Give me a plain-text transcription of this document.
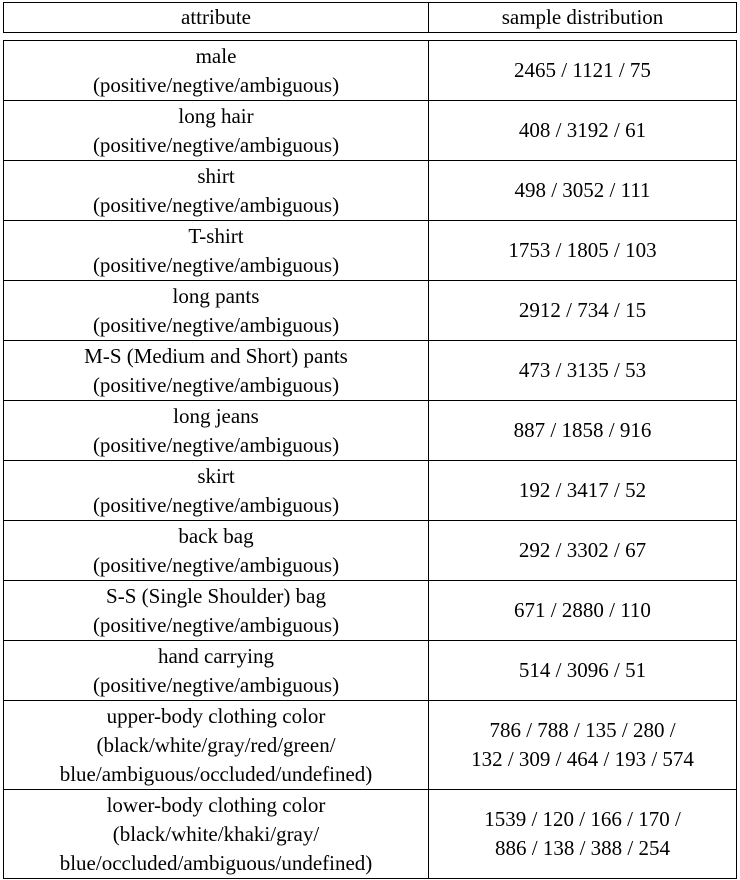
attribute	sample distribution
male
(positive/negtive/ambiguous)	2465 / 1121 / 75

long hair
(positive/negtive/ambiguous)	408 / 3192 / 61

shirt
(positive/negtive/ambiguous)	498 / 3052 / 111

T-shirt
(positive/negtive/ambiguous)	1753 / 1805 / 103

long pants
(positive/negtive/ambiguous)	2912 / 734 / 15

M-S (Medium and Short) pants
(positive/negtive/ambiguous)	473 / 3135 / 53

long jeans
(positive/negtive/ambiguous)	887 / 1858 / 916

skirt
(positive/negtive/ambiguous)	192 / 3417 / 52

back bag
(positive/negtive/ambiguous)	292 / 3302 / 67

S-S (Single Shoulder) bag
(positive/negtive/ambiguous)	671 / 2880 / 110

hand carrying
(positive/negtive/ambiguous)	514 / 3096 / 51

upper-body clothing color
(black/white/gray/red/green/
blue/ambiguous/occluded/undefined)	786 / 788 / 135 / 280 /
132 / 309 / 464 / 193 / 574

lower-body clothing color
(black/white/khaki/gray/
blue/occluded/ambiguous/undefined)	1539 / 120 / 166 / 170 /
886 / 138 / 388 / 254
